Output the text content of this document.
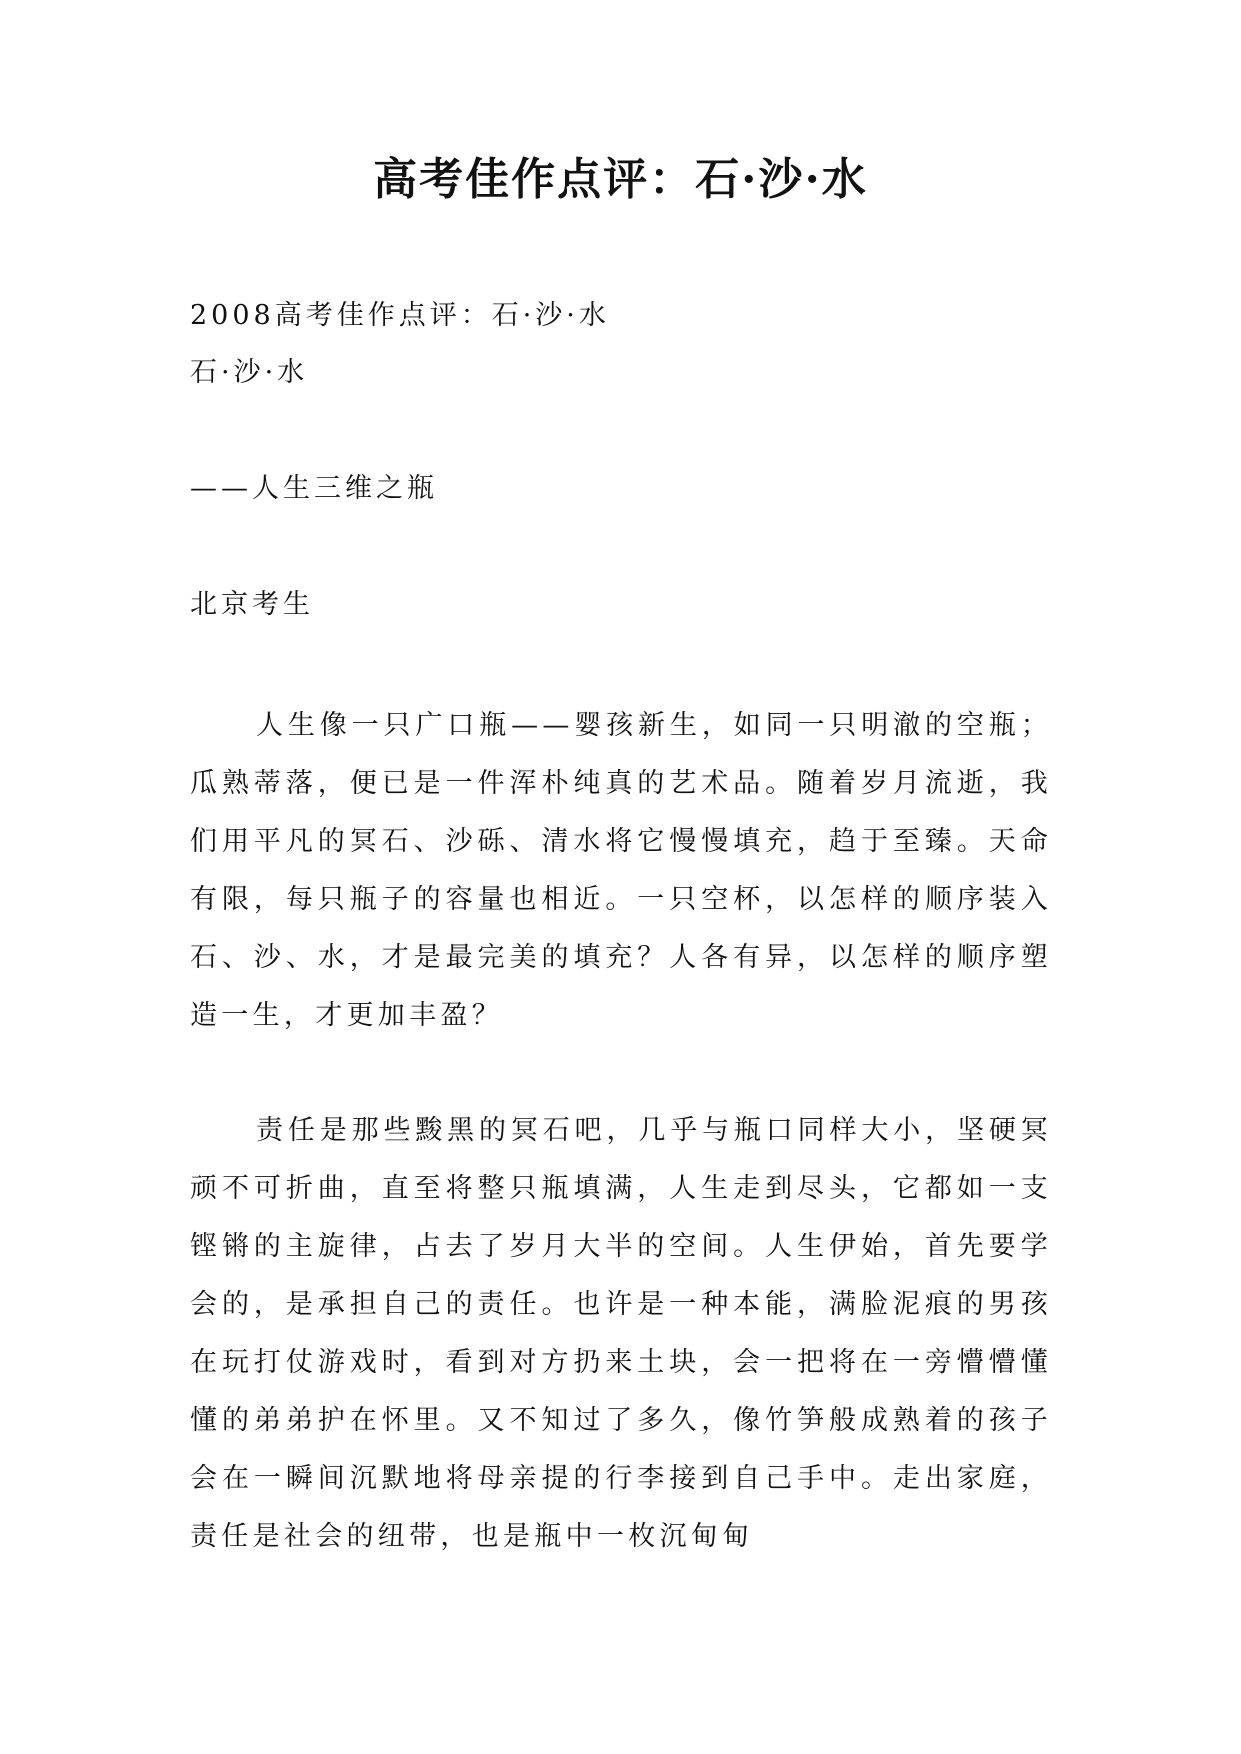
高考佳作点评：石·沙·水
2008高考佳作点评：石·沙·水
石·沙·水
——人生三维之瓶
北京考生
人生像一只广口瓶——婴孩新生，如同一只明澈的空瓶；瓜熟蒂落，便已是一件浑朴纯真的艺术品。随着岁月流逝，我们用平凡的冥石、沙砾、清水将它慢慢填充，趋于至臻。天命有限，每只瓶子的容量也相近。一只空杯，以怎样的顺序装入石、沙、水，才是最完美的填充？人各有异，以怎样的顺序塑造一生，才更加丰盈？
责任是那些黢黑的冥石吧，几乎与瓶口同样大小，坚硬冥顽不可折曲，直至将整只瓶填满，人生走到尽头，它都如一支铿锵的主旋律，占去了岁月大半的空间。人生伊始，首先要学会的，是承担自己的责任。也许是一种本能，满脸泥痕的男孩在玩打仗游戏时，看到对方扔来土块，会一把将在一旁懵懵懂懂的弟弟护在怀里。又不知过了多久，像竹笋般成熟着的孩子会在一瞬间沉默地将母亲提的行李接到自己手中。走出家庭，责任是社会的纽带，也是瓶中一枚沉甸甸
